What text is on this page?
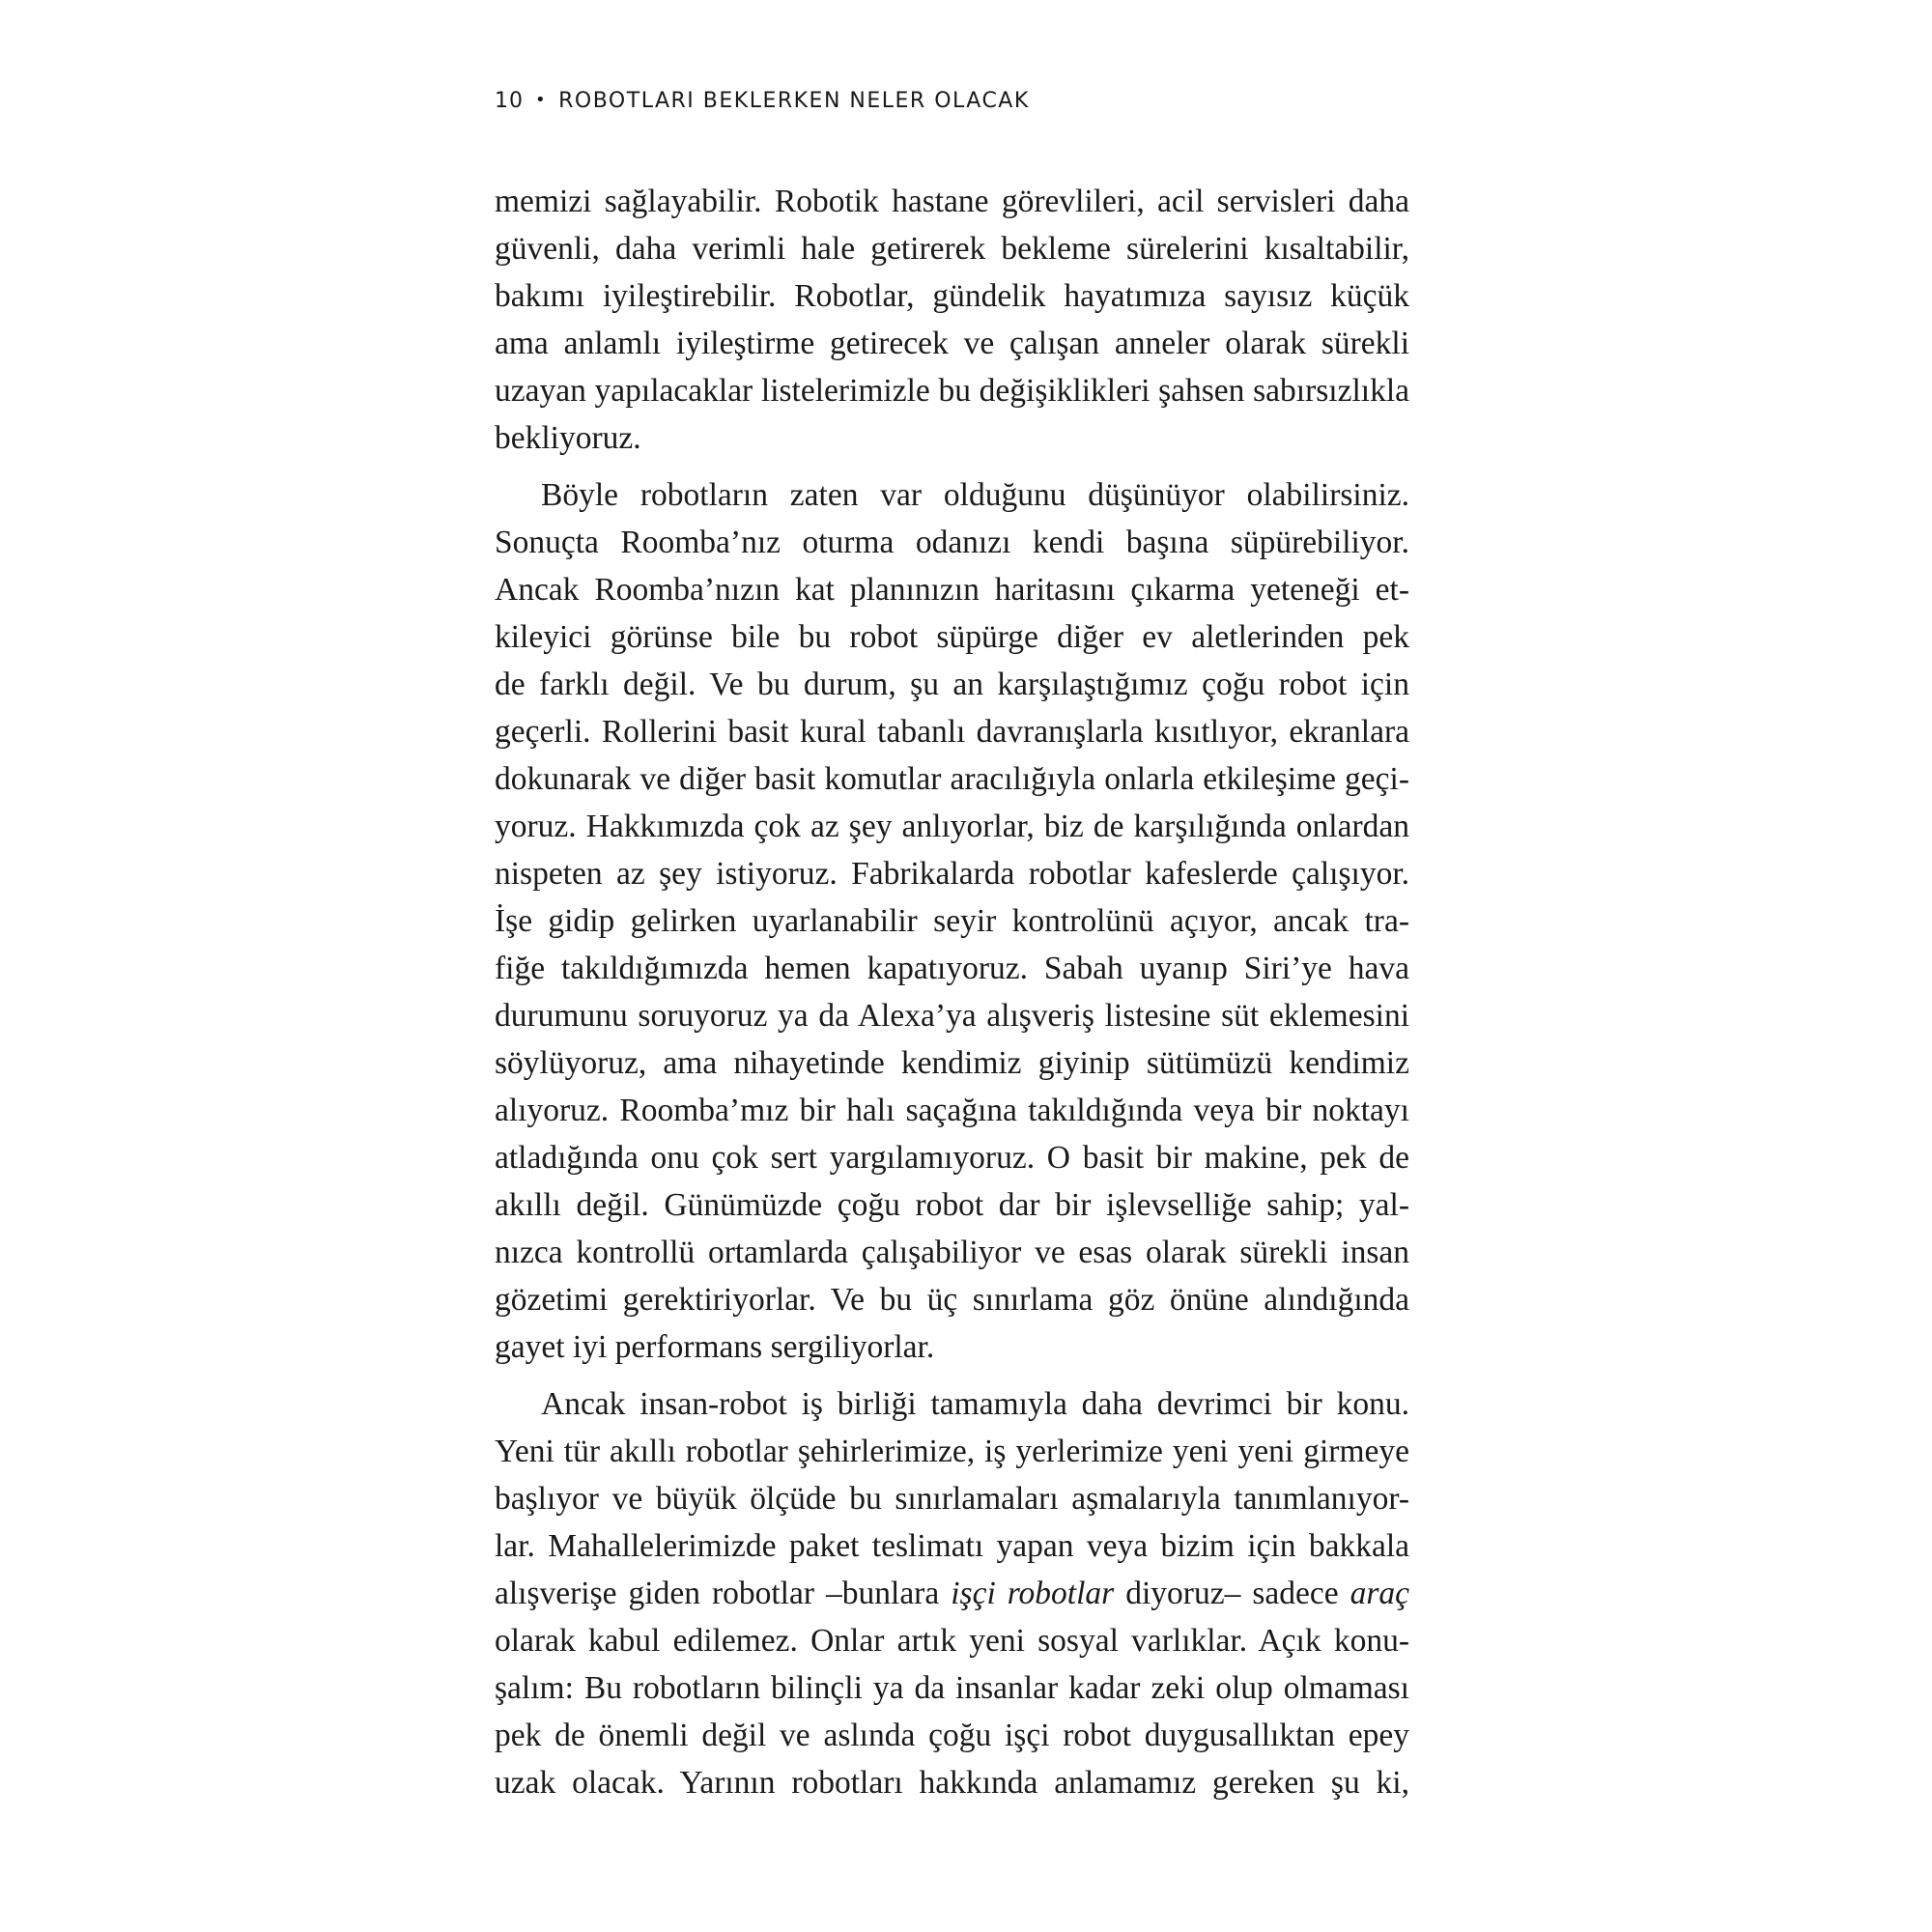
10 • ROBOTLARI BEKLERKEN NELER OLACAK

memizi sağlayabilir. Robotik hastane görevlileri, acil servisleri daha
güvenli, daha verimli hale getirerek bekleme sürelerini kısaltabilir,
bakımı iyileştirebilir. Robotlar, gündelik hayatımıza sayısız küçük
ama anlamlı iyileştirme getirecek ve çalışan anneler olarak sürekli
uzayan yapılacaklar listelerimizle bu değişiklikleri şahsen sabırsızlıkla
bekliyoruz.

Böyle robotların zaten var olduğunu düşünüyor olabilirsiniz.
Sonuçta Roomba’nız oturma odanızı kendi başına süpürebiliyor.
Ancak Roomba’nızın kat planınızın haritasını çıkarma yeteneği et-
kileyici görünse bile bu robot süpürge diğer ev aletlerinden pek
de farklı değil. Ve bu durum, şu an karşılaştığımız çoğu robot için
geçerli. Rollerini basit kural tabanlı davranışlarla kısıtlıyor, ekranlara
dokunarak ve diğer basit komutlar aracılığıyla onlarla etkileşime geçi-
yoruz. Hakkımızda çok az şey anlıyorlar, biz de karşılığında onlardan
nispeten az şey istiyoruz. Fabrikalarda robotlar kafeslerde çalışıyor.
İşe gidip gelirken uyarlanabilir seyir kontrolünü açıyor, ancak tra-
fiğe takıldığımızda hemen kapatıyoruz. Sabah uyanıp Siri’ye hava
durumunu soruyoruz ya da Alexa’ya alışveriş listesine süt eklemesini
söylüyoruz, ama nihayetinde kendimiz giyinip sütümüzü kendimiz
alıyoruz. Roomba’mız bir halı saçağına takıldığında veya bir noktayı
atladığında onu çok sert yargılamıyoruz. O basit bir makine, pek de
akıllı değil. Günümüzde çoğu robot dar bir işlevselliğe sahip; yal-
nızca kontrollü ortamlarda çalışabiliyor ve esas olarak sürekli insan
gözetimi gerektiriyorlar. Ve bu üç sınırlama göz önüne alındığında
gayet iyi performans sergiliyorlar.

Ancak insan-robot iş birliği tamamıyla daha devrimci bir konu.
Yeni tür akıllı robotlar şehirlerimize, iş yerlerimize yeni yeni girmeye
başlıyor ve büyük ölçüde bu sınırlamaları aşmalarıyla tanımlanıyor-
lar. Mahallelerimizde paket teslimatı yapan veya bizim için bakkala
alışverişe giden robotlar –bunlara işçi robotlar diyoruz– sadece araç
olarak kabul edilemez. Onlar artık yeni sosyal varlıklar. Açık konu-
şalım: Bu robotların bilinçli ya da insanlar kadar zeki olup olmaması
pek de önemli değil ve aslında çoğu işçi robot duygusallıktan epey
uzak olacak. Yarının robotları hakkında anlamamız gereken şu ki,
